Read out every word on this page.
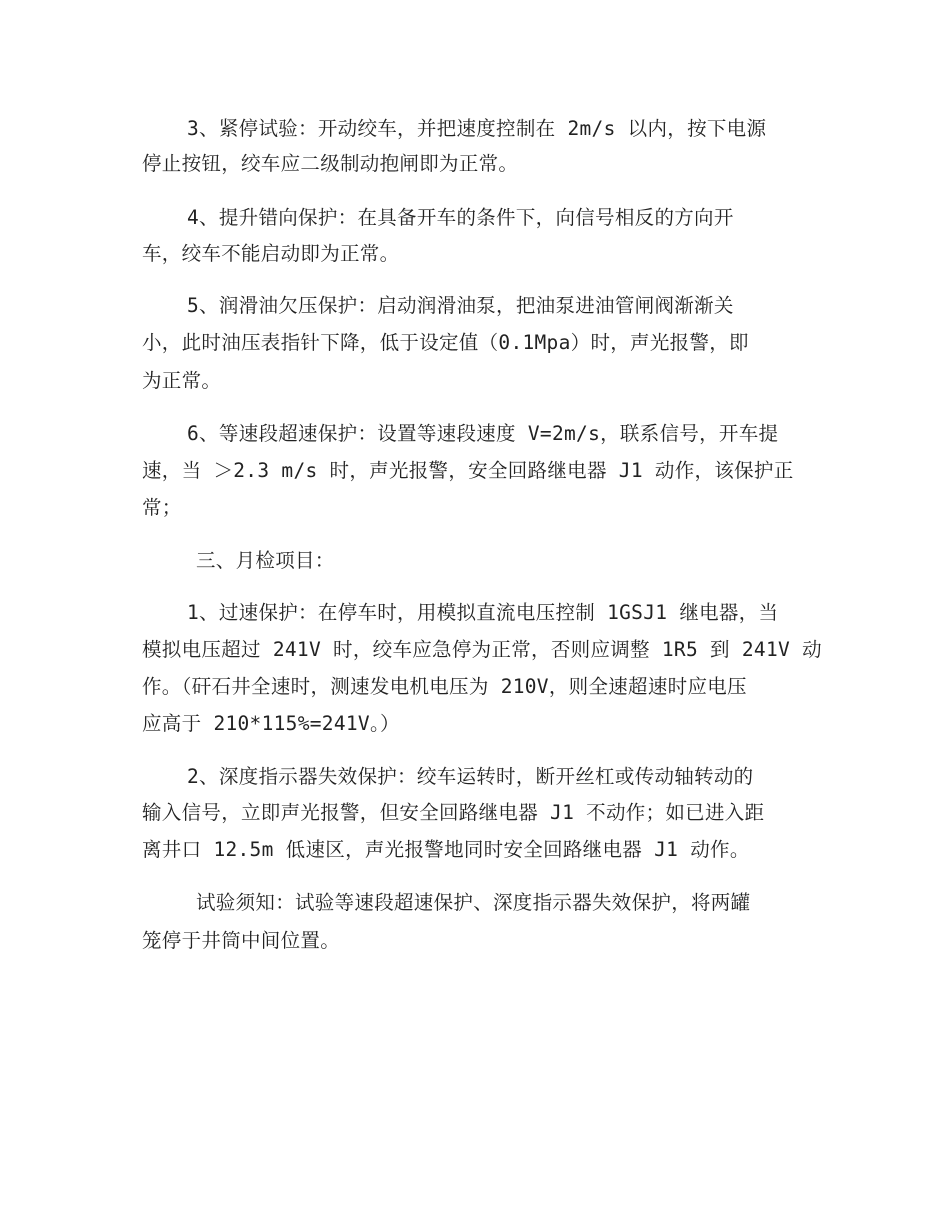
3、紧停试验：开动绞车，并把速度控制在 2m/s 以内，按下电源
停止按钮，绞车应二级制动抱闸即为正常。
4、提升错向保护：在具备开车的条件下，向信号相反的方向开
车，绞车不能启动即为正常。
5、润滑油欠压保护：启动润滑油泵，把油泵进油管闸阀渐渐关
小，此时油压表指针下降，低于设定值（0.1Mpa）时，声光报警，即
为正常。
6、等速段超速保护：设置等速段速度 V=2m/s，联系信号，开车提
速，当 ＞2.3 m/s 时，声光报警，安全回路继电器 J1 动作，该保护正
常；
三、月检项目：
1、过速保护：在停车时，用模拟直流电压控制 1GSJ1 继电器，当
模拟电压超过 241V 时，绞车应急停为正常，否则应调整 1R5 到 241V 动
作。（矸石井全速时，测速发电机电压为 210V，则全速超速时应电压
应高于 210*115%=241V。）
2、深度指示器失效保护：绞车运转时，断开丝杠或传动轴转动的
输入信号，立即声光报警，但安全回路继电器 J1 不动作；如已进入距
离井口 12.5m 低速区，声光报警地同时安全回路继电器 J1 动作。
试验须知：试验等速段超速保护、深度指示器失效保护，将两罐
笼停于井筒中间位置。
